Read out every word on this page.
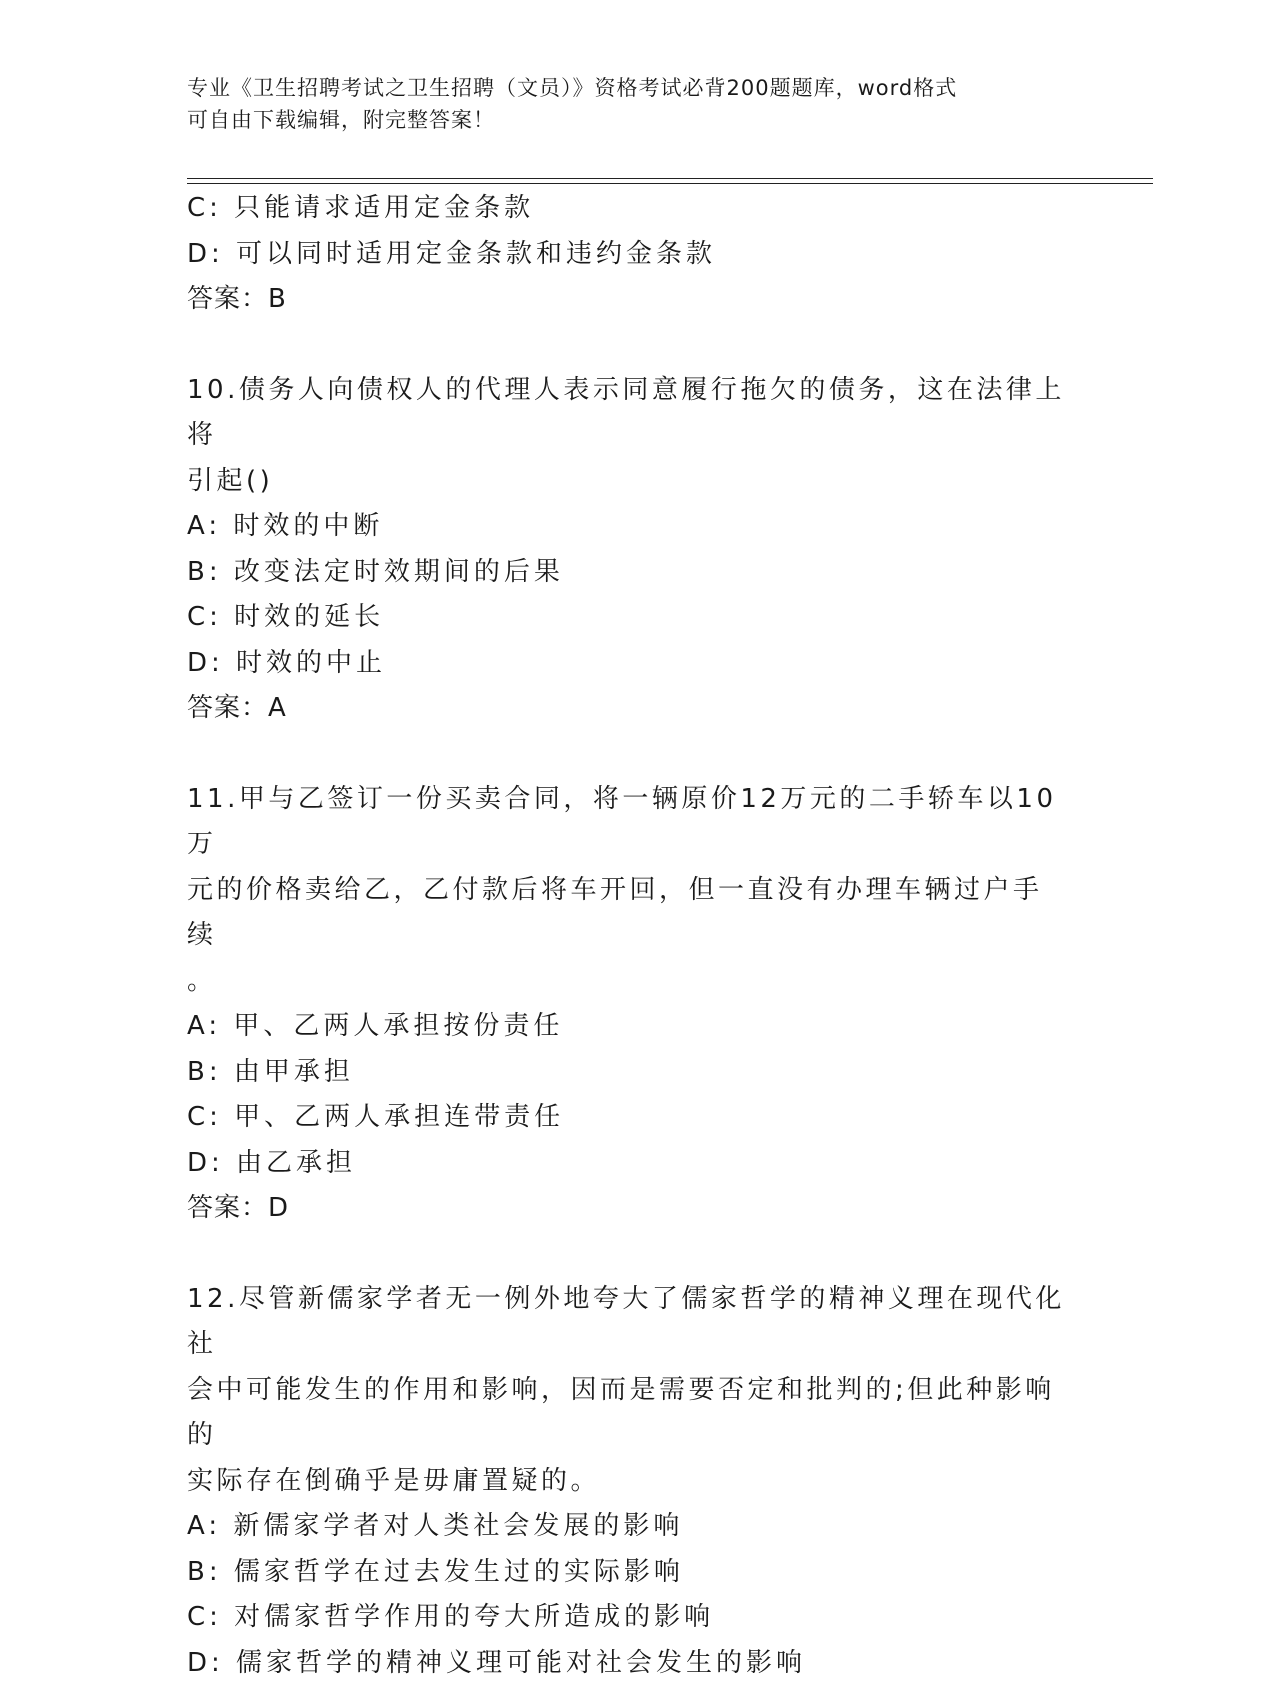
专业《卫生招聘考试之卫生招聘（文员）》资格考试必背200题题库，word格式
可自由下载编辑，附完整答案！
C: 只能请求适用定金条款
D: 可以同时适用定金条款和违约金条款
答案：B
10.债务人向债权人的代理人表示同意履行拖欠的债务，这在法律上将
引起()
A: 时效的中断
B: 改变法定时效期间的后果
C: 时效的延长
D: 时效的中止
答案：A
11.甲与乙签订一份买卖合同，将一辆原价12万元的二手轿车以10万
元的价格卖给乙，乙付款后将车开回，但一直没有办理车辆过户手续
。
A: 甲、乙两人承担按份责任
B: 由甲承担
C: 甲、乙两人承担连带责任
D: 由乙承担
答案：D
12.尽管新儒家学者无一例外地夸大了儒家哲学的精神义理在现代化社
会中可能发生的作用和影响，因而是需要否定和批判的;但此种影响的
实际存在倒确乎是毋庸置疑的。
A: 新儒家学者对人类社会发展的影响
B: 儒家哲学在过去发生过的实际影响
C: 对儒家哲学作用的夸大所造成的影响
D: 儒家哲学的精神义理可能对社会发生的影响
